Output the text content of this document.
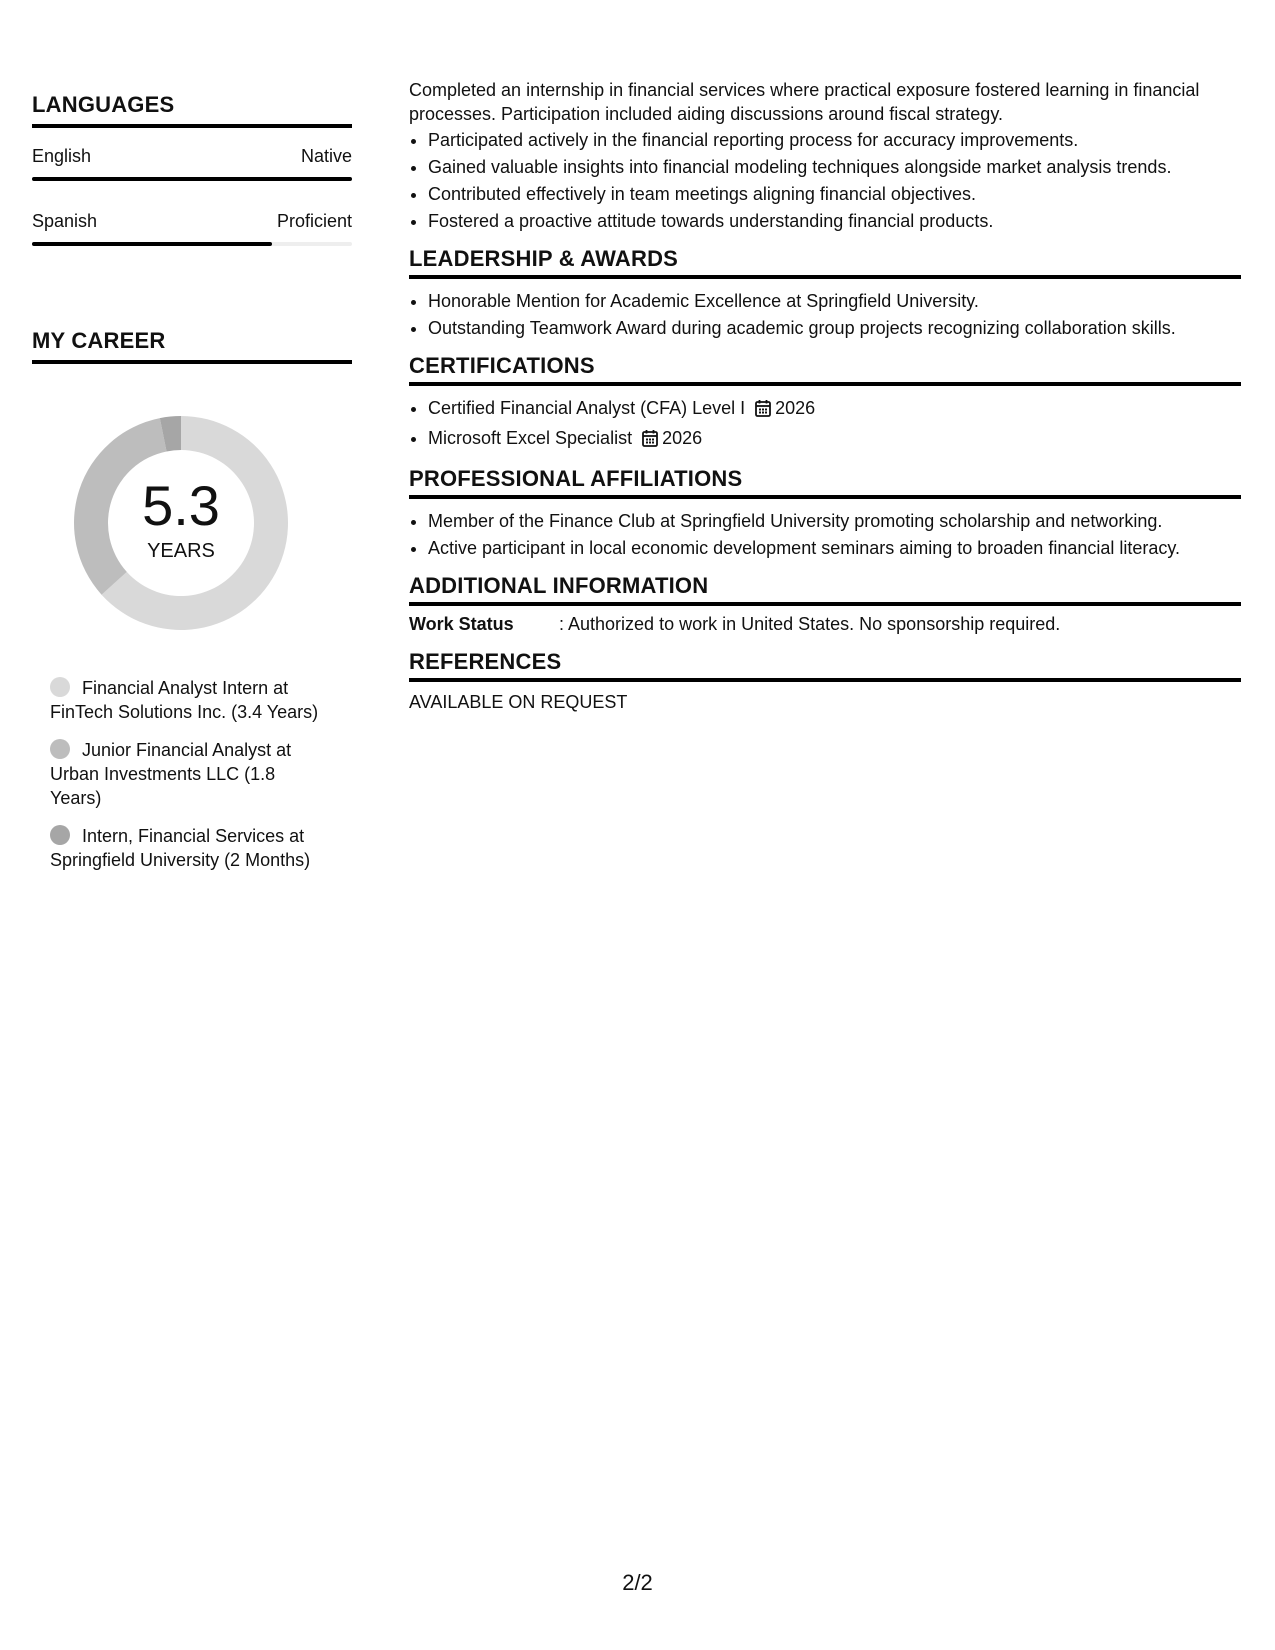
LANGUAGES
English	Native
Spanish	Proficient
MY CAREER
5.3
YEARS
Financial Analyst Intern at FinTech Solutions Inc. (3.4 Years)
Junior Financial Analyst at Urban Investments LLC (1.8 Years)
Intern, Financial Services at Springfield University (2 Months)

Completed an internship in financial services where practical exposure fostered learning in financial processes. Participation included aiding discussions around fiscal strategy.

• Participated actively in the financial reporting process for accuracy improvements.
• Gained valuable insights into financial modeling techniques alongside market analysis trends.
• Contributed effectively in team meetings aligning financial objectives.
• Fostered a proactive attitude towards understanding financial products.
LEADERSHIP & AWARDS
• Honorable Mention for Academic Excellence at Springfield University.
• Outstanding Teamwork Award during academic group projects recognizing collaboration skills.
CERTIFICATIONS
• Certified Financial Analyst (CFA) Level I 2026
• Microsoft Excel Specialist 2026
PROFESSIONAL AFFILIATIONS
• Member of the Finance Club at Springfield University promoting scholarship and networking.
• Active participant in local economic development seminars aiming to broaden financial literacy.
ADDITIONAL INFORMATION
Work Status	: Authorized to work in United States. No sponsorship required.
REFERENCES
AVAILABLE ON REQUEST
2/2
